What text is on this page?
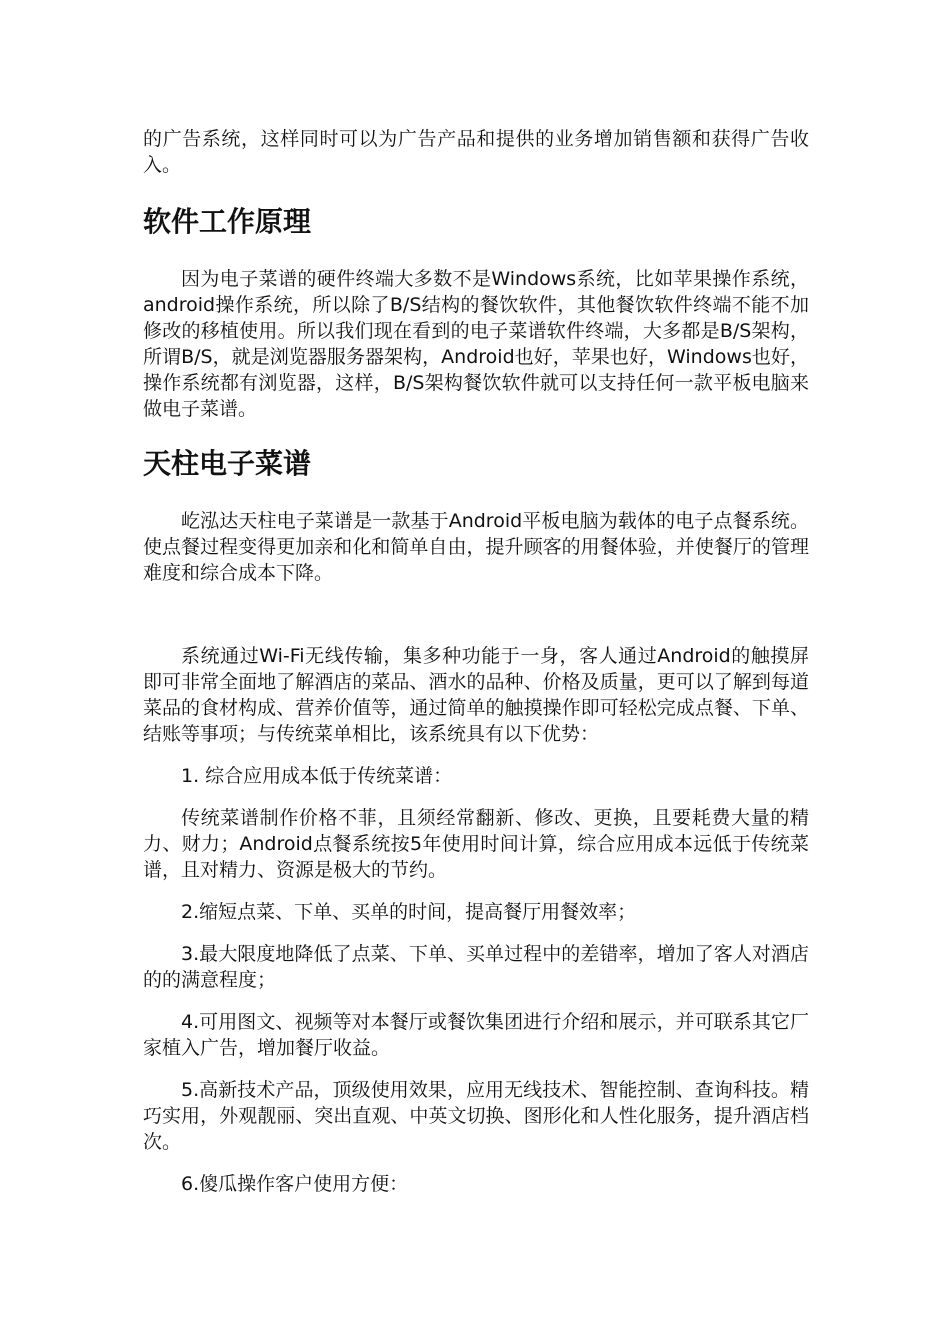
的广告系统，这样同时可以为广告产品和提供的业务增加销售额和获得广告收入。

软件工作原理

因为电子菜谱的硬件终端大多数不是Windows系统，比如苹果操作系统，android操作系统，所以除了B/S结构的餐饮软件，其他餐饮软件终端不能不加修改的移植使用。所以我们现在看到的电子菜谱软件终端，大多都是B/S架构，所谓B/S，就是浏览器服务器架构，Android也好，苹果也好，Windows也好，操作系统都有浏览器，这样，B/S架构餐饮软件就可以支持任何一款平板电脑来做电子菜谱。

天柱电子菜谱

屹泓达天柱电子菜谱是一款基于Android平板电脑为载体的电子点餐系统。使点餐过程变得更加亲和化和简单自由，提升顾客的用餐体验，并使餐厅的管理难度和综合成本下降。

系统通过Wi-Fi无线传输，集多种功能于一身，客人通过Android的触摸屏即可非常全面地了解酒店的菜品、酒水的品种、价格及质量，更可以了解到每道菜品的食材构成、营养价值等，通过简单的触摸操作即可轻松完成点餐、下单、结账等事项；与传统菜单相比，该系统具有以下优势：

1. 综合应用成本低于传统菜谱：

传统菜谱制作价格不菲，且须经常翻新、修改、更换，且要耗费大量的精力、财力；Android点餐系统按5年使用时间计算，综合应用成本远低于传统菜谱，且对精力、资源是极大的节约。

2.缩短点菜、下单、买单的时间，提高餐厅用餐效率；

3.最大限度地降低了点菜、下单、买单过程中的差错率，增加了客人对酒店的的满意程度；

4.可用图文、视频等对本餐厅或餐饮集团进行介绍和展示，并可联系其它厂家植入广告，增加餐厅收益。

5.高新技术产品，顶级使用效果，应用无线技术、智能控制、查询科技。精巧实用，外观靓丽、突出直观、中英文切换、图形化和人性化服务，提升酒店档次。

6.傻瓜操作客户使用方便：
